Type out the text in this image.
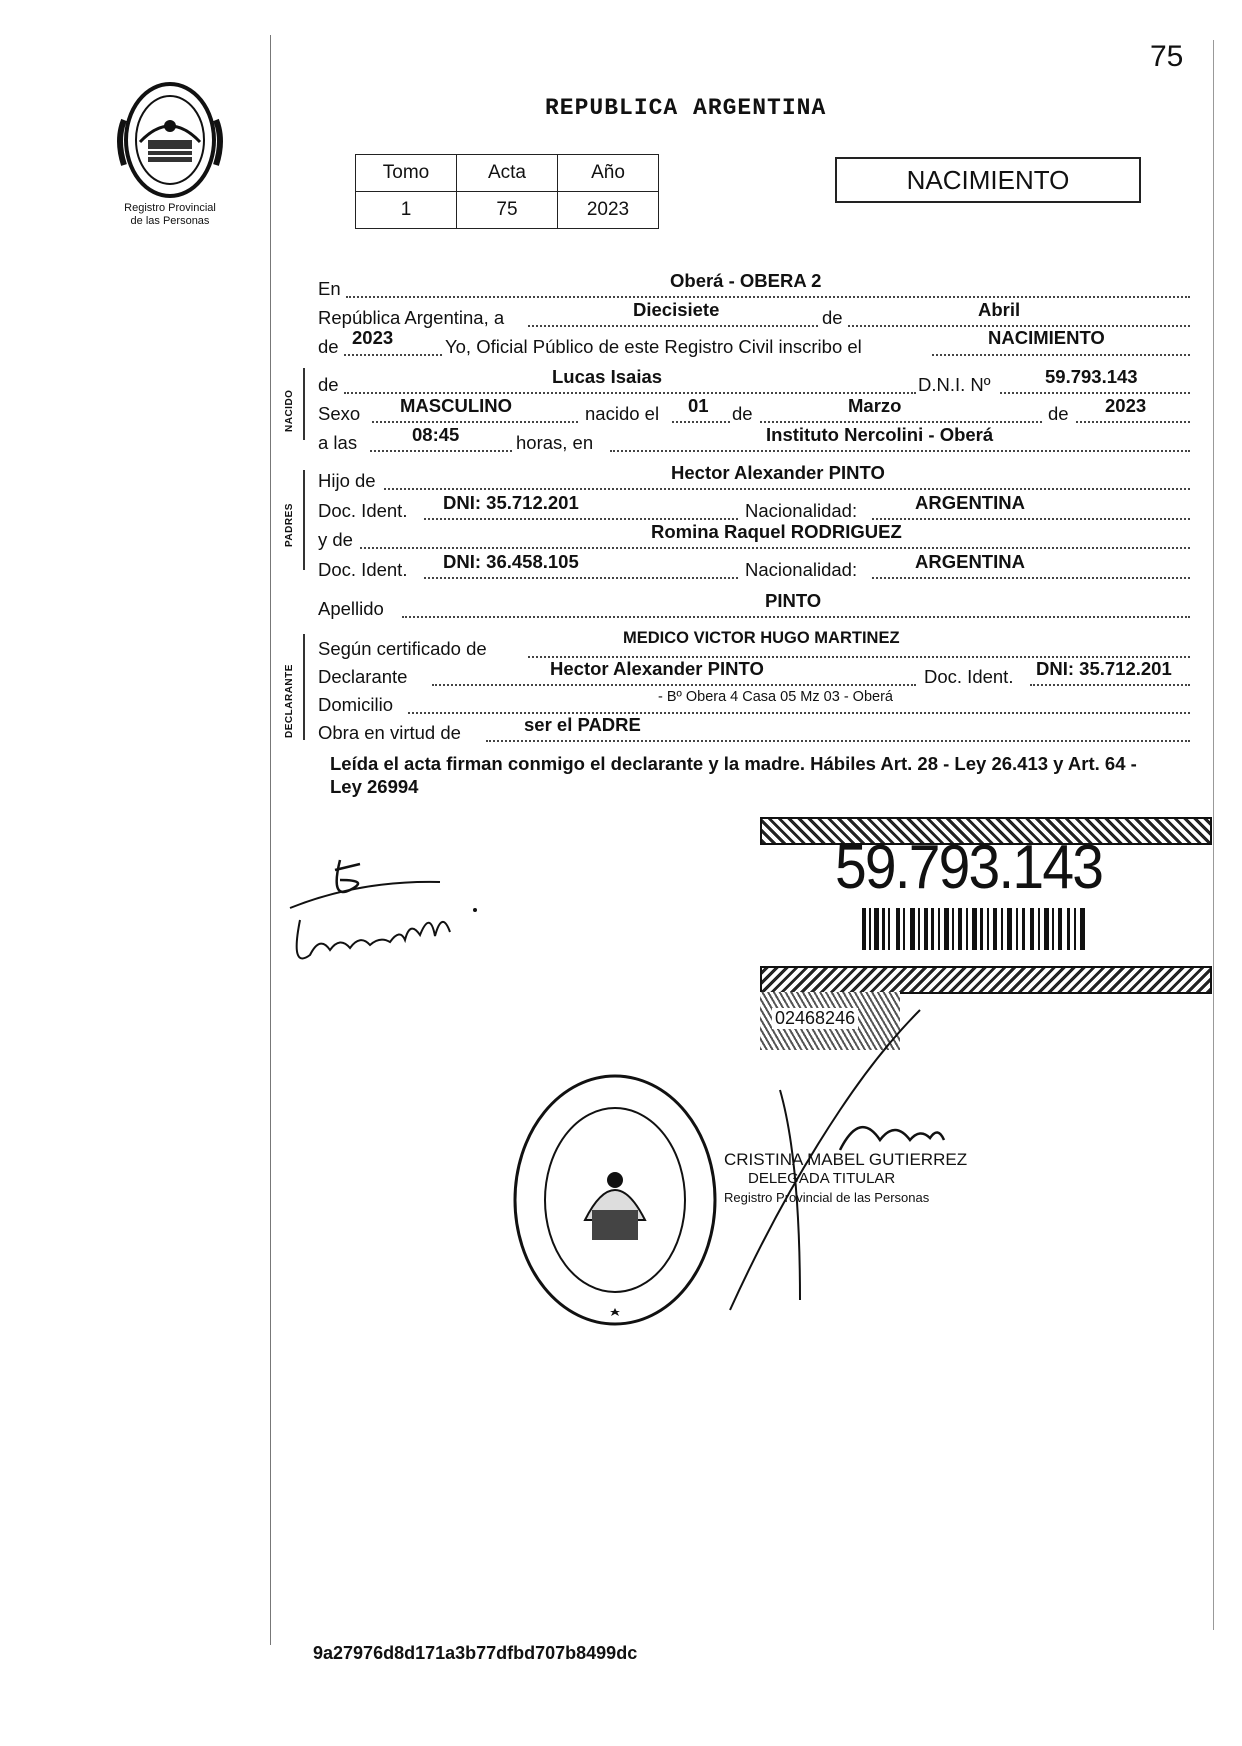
75
Registro Provincial
de las Personas
REPUBLICA ARGENTINA
Tomo	Acta	Año
1	75	2023
NACIMIENTO
En	Oberá - OBERA 2
República Argentina, a	Diecisiete	de	Abril
de 2023	Yo, Oficial Público de este Registro Civil inscribo el	NACIMIENTO
NACIDO
de	Lucas Isaias	D.N.I. Nº	59.793.143
Sexo MASCULINO	nacido el 01 de	Marzo	de 2023
a las	08:45	horas, en	Instituto Nercolini - Oberá
PADRES
Hijo de	Hector Alexander PINTO
Doc. Ident. DNI: 35.712.201	Nacionalidad:	ARGENTINA
y de	Romina Raquel RODRIGUEZ
Doc. Ident. DNI: 36.458.105	Nacionalidad:	ARGENTINA
Apellido	PINTO
DECLARANTE
Según certificado de	MEDICO VICTOR HUGO MARTINEZ
Declarante	Hector Alexander PINTO	Doc. Ident. DNI: 35.712.201
Domicilio	- Bº Obera 4 Casa 05 Mz 03 - Oberá
Obra en virtud de	ser el PADRE
Leída el acta firman conmigo el declarante y la madre. Hábiles Art. 28 - Ley 26.413 y Art. 64 - Ley 26994
59.793.143
02468246
CRISTINA MABEL GUTIERREZ
DELEGADA TITULAR
Registro Provincial de las Personas
9a27976d8d171a3b77dfbd707b8499dc
